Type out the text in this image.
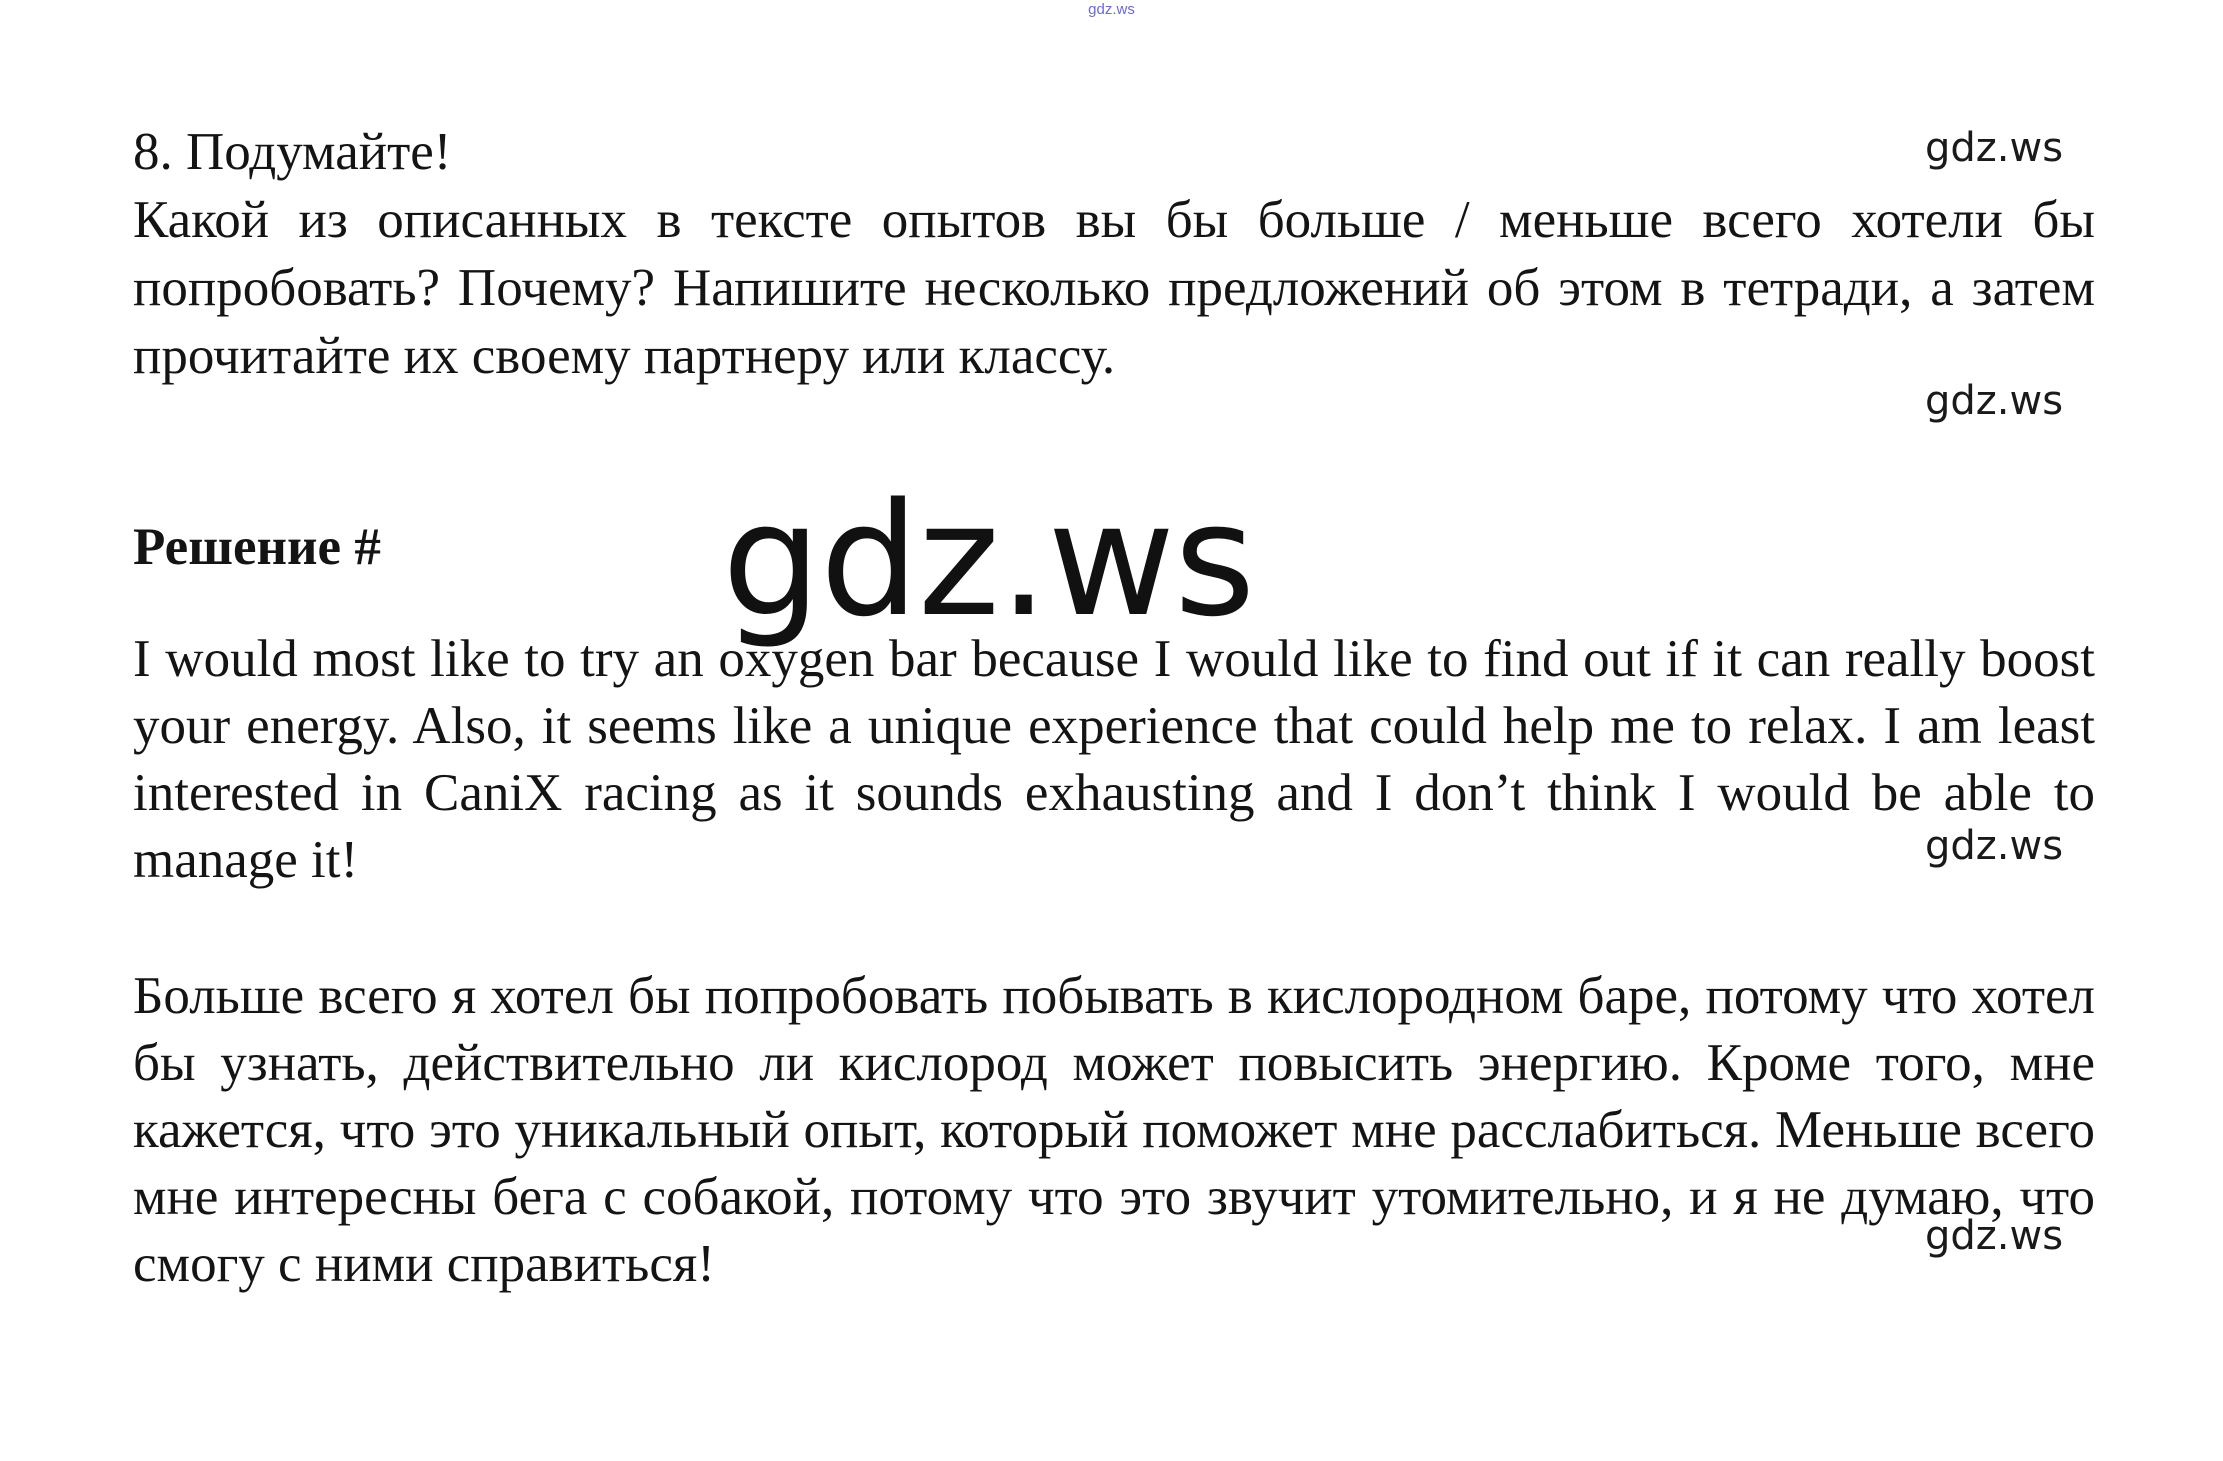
gdz.ws

8. Подумайте!

Какой из описанных в тексте опытов вы бы больше / меньше всего хотели бы попробовать? Почему? Напишите несколько предложений об этом в тетради, а затем прочитайте их своему партнеру или классу.

Решение #

I would most like to try an oxygen bar because I would like to find out if it can really boost your energy. Also, it seems like a unique experience that could help me to relax. I am least interested in CaniX racing as it sounds exhausting and I don’t think I would be able to manage it!

Больше всего я хотел бы попробовать побывать в кислородном баре, потому что хотел бы узнать, действительно ли кислород может повысить энергию. Кроме того, мне кажется, что это уникальный опыт, который поможет мне расслабиться. Меньше всего мне интересны бега с собакой, потому что это звучит утомительно, и я не думаю, что смогу с ними справиться!

gdz.ws
gdz.ws
gdz.ws
gdz.ws
gdz.ws
